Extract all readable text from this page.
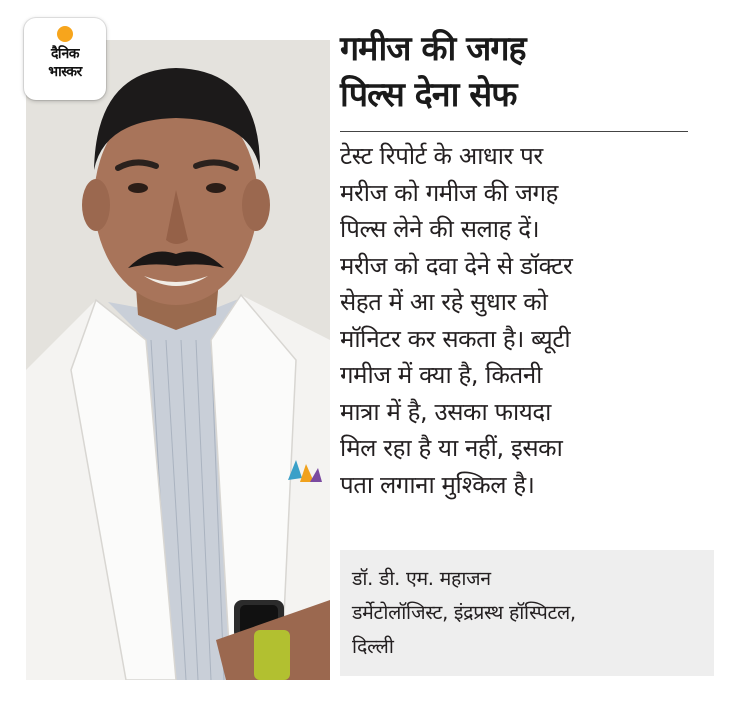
दैनिक
भास्कर
गमीज की जगह
पिल्स देना सेफ
टेस्ट रिपोर्ट के आधार पर
मरीज को गमीज की जगह
पिल्स लेने की सलाह दें।
मरीज को दवा देने से डॉक्टर
सेहत में आ रहे सुधार को
मॉनिटर कर सकता है। ब्यूटी
गमीज में क्या है, कितनी
मात्रा में है, उसका फायदा
मिल रहा है या नहीं, इसका
पता लगाना मुश्किल है।
डॉ. डी. एम. महाजन
डर्मेटोलॉजिस्ट, इंद्रप्रस्थ हॉस्पिटल,
दिल्ली
